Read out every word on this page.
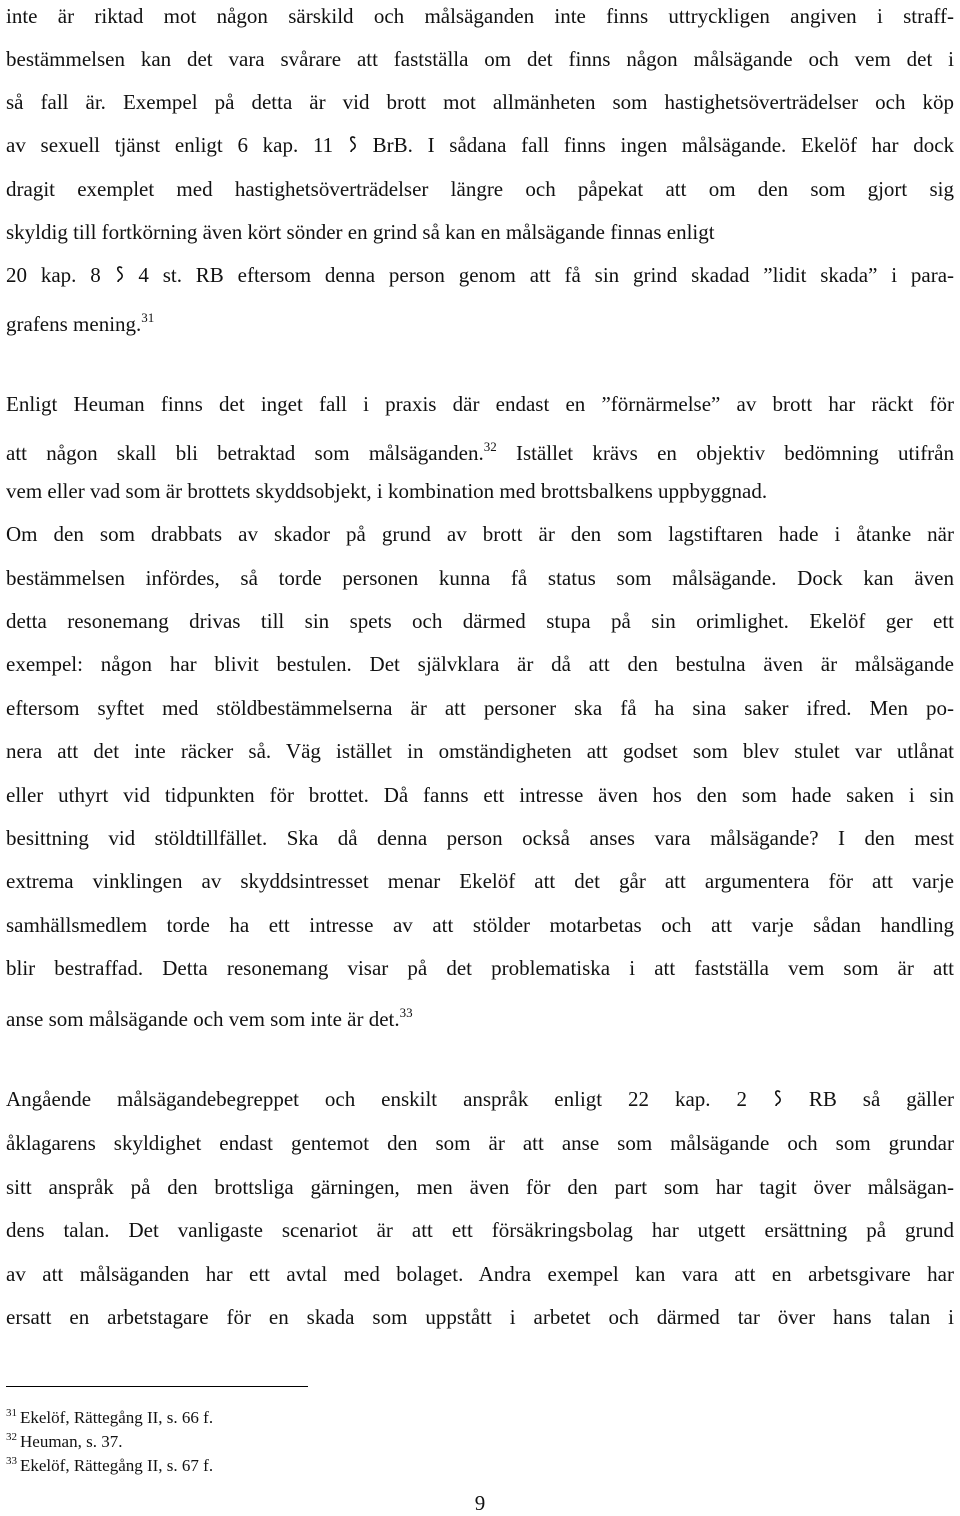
inte är riktad mot någon särskild och målsäganden inte finns uttryckligen angiven i straff-
bestämmelsen kan det vara svårare att fastställa om det finns någon målsägande och vem det i
så fall är. Exempel på detta är vid brott mot allmänheten som hastighetsöverträdelser och köp
av sexuell tjänst enligt 6 kap. 11 BrB. I sådana fall finns ingen målsägande. Ekelöf har dock
dragit exemplet med hastighetsöverträdelser längre och påpekat att om den som gjort sig
skyldig till fortkörning även kört sönder en grind så kan en målsägande finnas enligt
20 kap. 8 4 st. RB eftersom denna person genom att få sin grind skadad ”lidit skada” i para-
grafens mening.$^{31}$
Enligt Heuman finns det inget fall i praxis där endast en ”förnärmelse” av brott har räckt för
att någon skall bli betraktad som målsäganden.$^{32}$ Istället krävs en objektiv bedömning utifrån
vem eller vad som är brottets skyddsobjekt, i kombination med brottsbalkens uppbyggnad.
Om den som drabbats av skador på grund av brott är den som lagstiftaren hade i åtanke när
bestämmelsen infördes, så torde personen kunna få status som målsägande. Dock kan även
detta resonemang drivas till sin spets och därmed stupa på sin orimlighet. Ekelöf ger ett
exempel: någon har blivit bestulen. Det självklara är då att den bestulna även är målsägande
eftersom syftet med stöldbestämmelserna är att personer ska få ha sina saker ifred. Men po-
nera att det inte räcker så. Väg istället in omständigheten att godset som blev stulet var utlånat
eller uthyrt vid tidpunkten för brottet. Då fanns ett intresse även hos den som hade saken i sin
besittning vid stöldtillfället. Ska då denna person också anses vara målsägande? I den mest
extrema vinklingen av skyddsintresset menar Ekelöf att det går att argumentera för att varje
samhällsmedlem torde ha ett intresse av att stölder motarbetas och att varje sådan handling
blir bestraffad. Detta resonemang visar på det problematiska i att fastställa vem som är att
anse som målsägande och vem som inte är det.$^{33}$
Angående målsägandebegreppet och enskilt anspråk enligt 22 kap. 2	RB så gäller
åklagarens skyldighet endast gentemot den som är att anse som målsägande och som grundar
sitt anspråk på den brottsliga gärningen, men även för den part som har tagit över målsägan-
dens talan. Det vanligaste scenariot är att ett försäkringsbolag har utgett ersättning på grund
av att målsäganden har ett avtal med bolaget. Andra exempel kan vara att en arbetsgivare har
ersatt en arbetstagare för en skada som uppstått i arbetet och därmed tar över hans talan i
$^{31}$ Ekelöf, Rättegång II, s. 66 f.
$^{32}$ Heuman, s. 37.
$^{33}$ Ekelöf, Rättegång II, s. 67 f.
9
